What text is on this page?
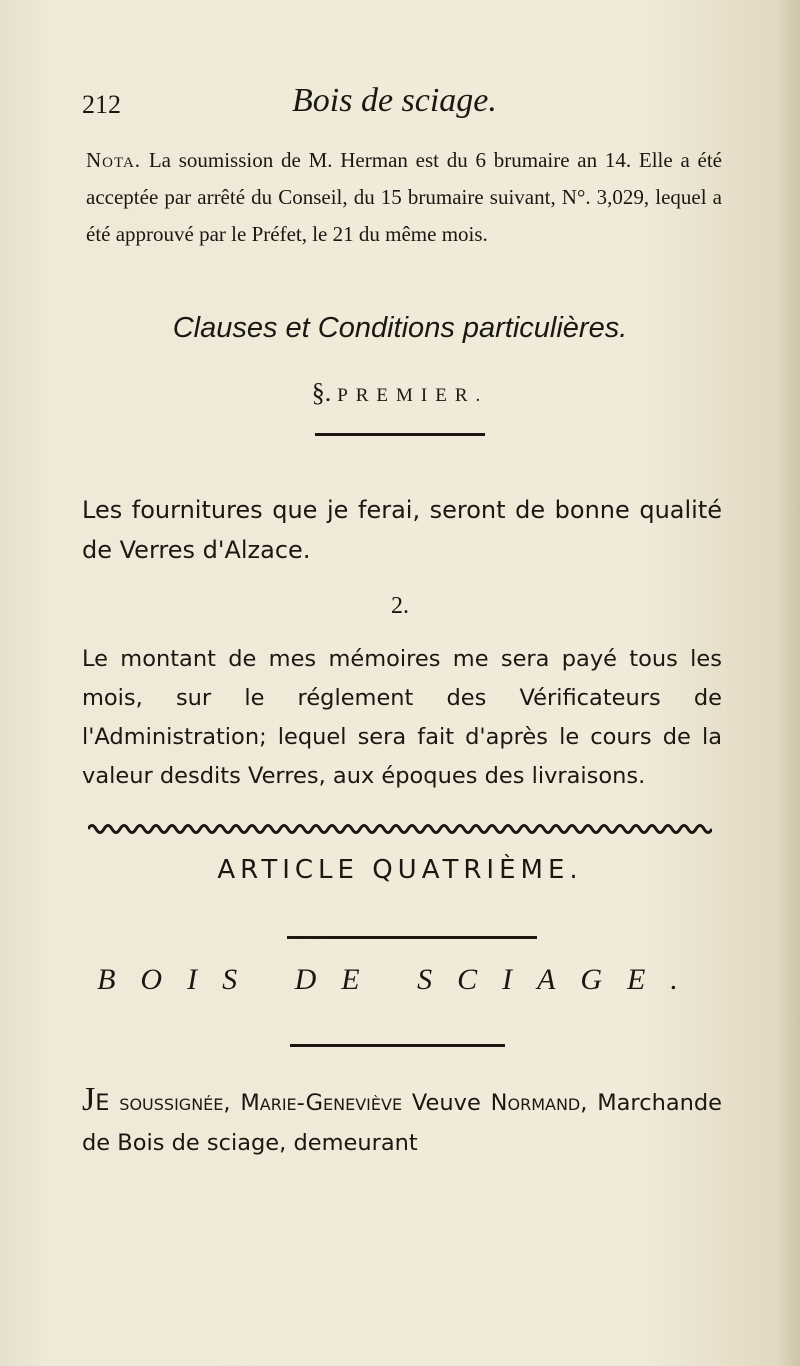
212	Bois de sciage.
Nota. La soumission de M. Herman est du 6 brumaire an 14. Elle a été acceptée par arrêté du Conseil, du 15 brumaire suivant, N°. 3,029, lequel a été approuvé par le Préfet, le 21 du même mois.
Clauses et Conditions particulières.
§. PREMIER.
Les fournitures que je ferai, seront de bonne qualité de Verres d'Alzace.
2.
Le montant de mes mémoires me sera payé tous les mois, sur le réglement des Vérificateurs de l'Administration; lequel sera fait d'après le cours de la valeur desdits Verres, aux époques des livraisons.
ARTICLE QUATRIÈME.
BOIS DE SCIAGE.
JE soussignée, Marie-Geneviève Veuve Normand, Marchande de Bois de sciage, demeurant
